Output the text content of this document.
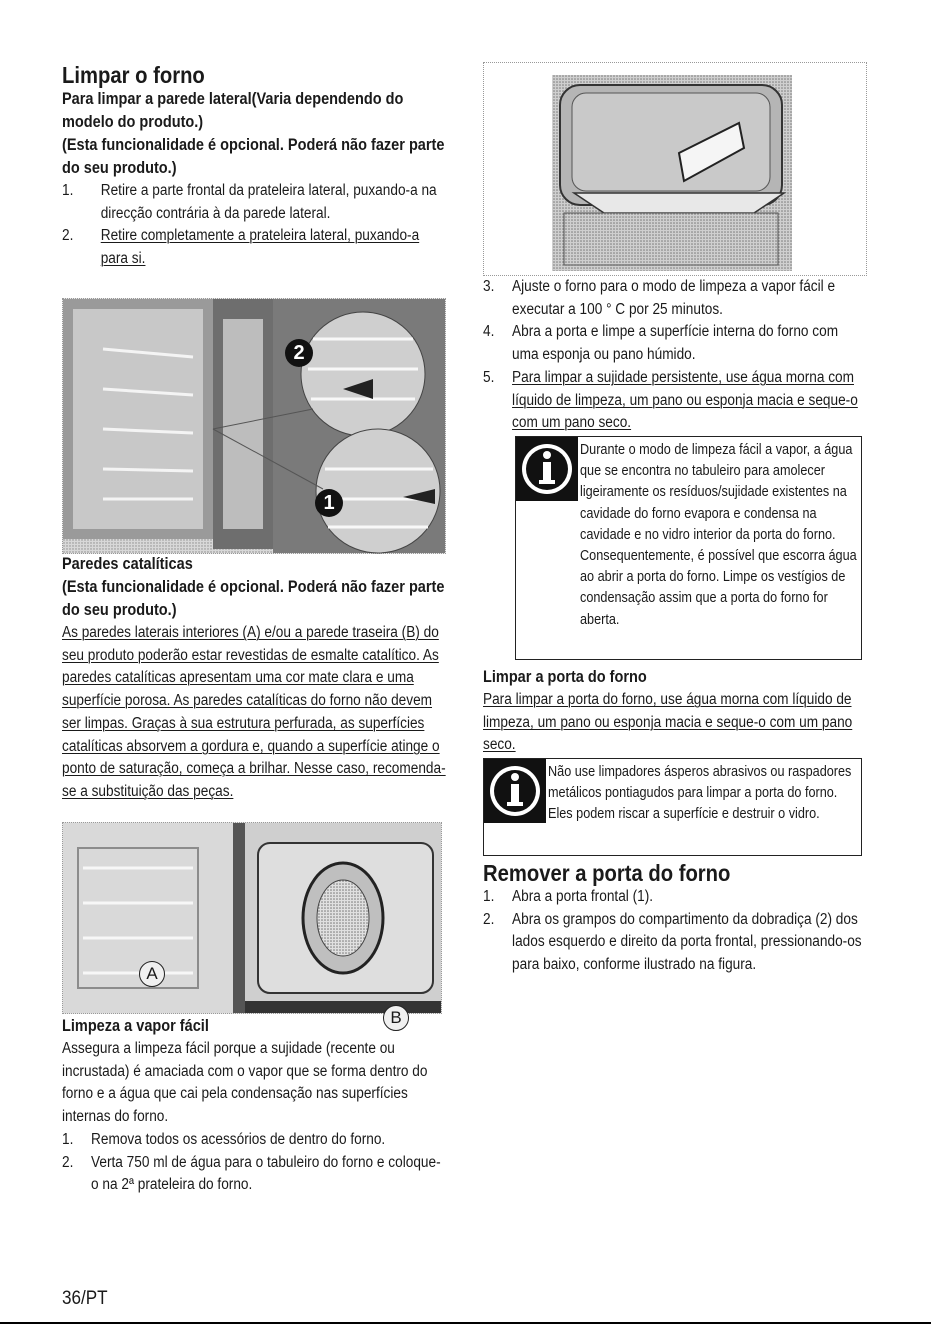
Limpar o forno
Para limpar a parede lateral(Varia dependendo do modelo do produto.)
(Esta funcionalidade é opcional. Poderá não fazer parte do seu produto.)
1. Retire a parte frontal da prateleira lateral, puxando-a na direcção contrária à da parede lateral.
2. Retire completamente a prateleira lateral, puxando-a para si.
2
1
Paredes catalíticas
(Esta funcionalidade é opcional. Poderá não fazer parte do seu produto.)

As paredes laterais interiores (A) e/ou a parede traseira (B) do seu produto poderão estar revestidas de esmalte catalítico. As paredes catalíticas apresentam uma cor mate clara e uma superfície porosa. As paredes catalíticas do forno não devem ser limpas. Graças à sua estrutura perfurada, as superfícies catalíticas absorvem a gordura e, quando a superfície atinge o ponto de saturação, começa a brilhar. Nesse caso, recomenda-se a substituição das peças.

A
B
Limpeza a vapor fácil

Assegura a limpeza fácil porque a sujidade (recente ou incrustada) é amaciada com o vapor que se forma dentro do forno e a água que cai pela condensação nas superfícies internas do forno.

1. Remova todos os acessórios de dentro do forno.
2. Verta 750 ml de água para o tabuleiro do forno e coloque-o na 2ª prateleira do forno.
3. Ajuste o forno para o modo de limpeza a vapor fácil e executar a 100 ° C por 25 minutos.
4. Abra a porta e limpe a superfície interna do forno com uma esponja ou pano húmido.
5. Para limpar a sujidade persistente, use água morna com líquido de limpeza, um pano ou esponja macia e seque-o com um pano seco.
Durante o modo de limpeza fácil a vapor, a água que se encontra no tabuleiro para amolecer ligeiramente os resíduos/sujidade existentes na cavidade do forno evapora e condensa na cavidade e no vidro interior da porta do forno. Consequentemente, é possível que escorra água ao abrir a porta do forno. Limpe os vestígios de condensação assim que a porta do forno for aberta.
Limpar a porta do forno

Para limpar a porta do forno, use água morna com líquido de limpeza, um pano ou esponja macia e seque-o com um pano seco.

Não use limpadores ásperos abrasivos ou raspadores metálicos pontiagudos para limpar a porta do forno. Eles podem riscar a superfície e destruir o vidro.
Remover a porta do forno
1. Abra a porta frontal (1).
2. Abra os grampos do compartimento da dobradiça (2) dos lados esquerdo e direito da porta frontal, pressionando-os para baixo, conforme ilustrado na figura.
36/PT
